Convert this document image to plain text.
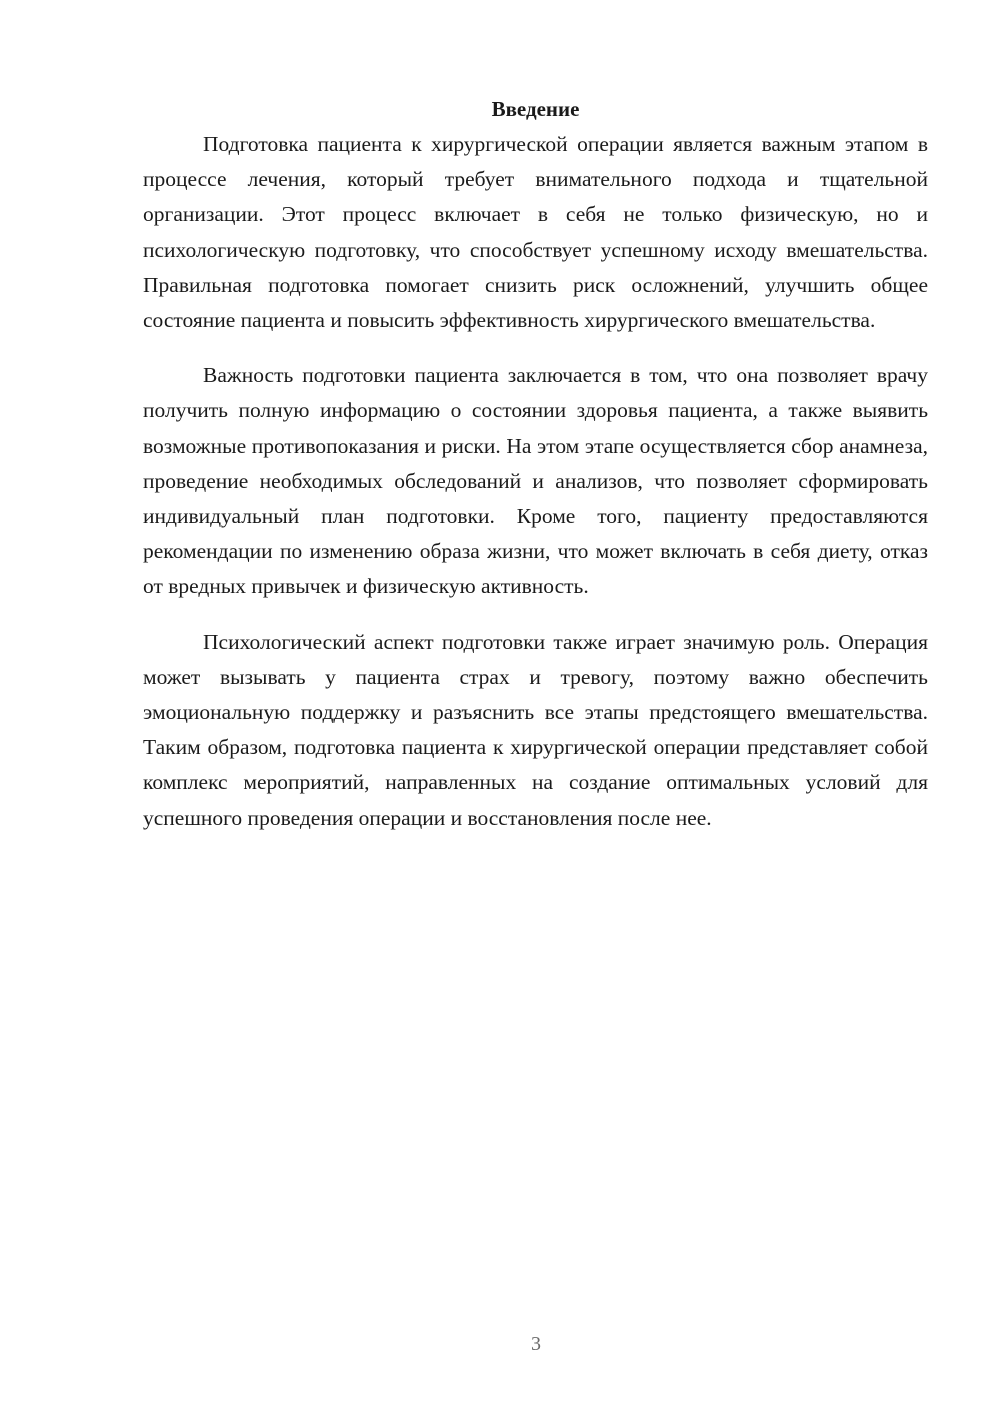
Введение

Подготовка пациента к хирургической операции является важным этапом в процессе лечения, который требует внимательного подхода и тщательной организации. Этот процесс включает в себя не только физическую, но и психологическую подготовку, что способствует успешному исходу вмешательства. Правильная подготовка помогает снизить риск осложнений, улучшить общее состояние пациента и повысить эффективность хирургического вмешательства.

Важность подготовки пациента заключается в том, что она позволяет врачу получить полную информацию о состоянии здоровья пациента, а также выявить возможные противопоказания и риски. На этом этапе осуществляется сбор анамнеза, проведение необходимых обследований и анализов, что позволяет сформировать индивидуальный план подготовки. Кроме того, пациенту предоставляются рекомендации по изменению образа жизни, что может включать в себя диету, отказ от вредных привычек и физическую активность.

Психологический аспект подготовки также играет значимую роль. Операция может вызывать у пациента страх и тревогу, поэтому важно обеспечить эмоциональную поддержку и разъяснить все этапы предстоящего вмешательства. Таким образом, подготовка пациента к хирургической операции представляет собой комплекс мероприятий, направленных на создание оптимальных условий для успешного проведения операции и восстановления после нее.

3
